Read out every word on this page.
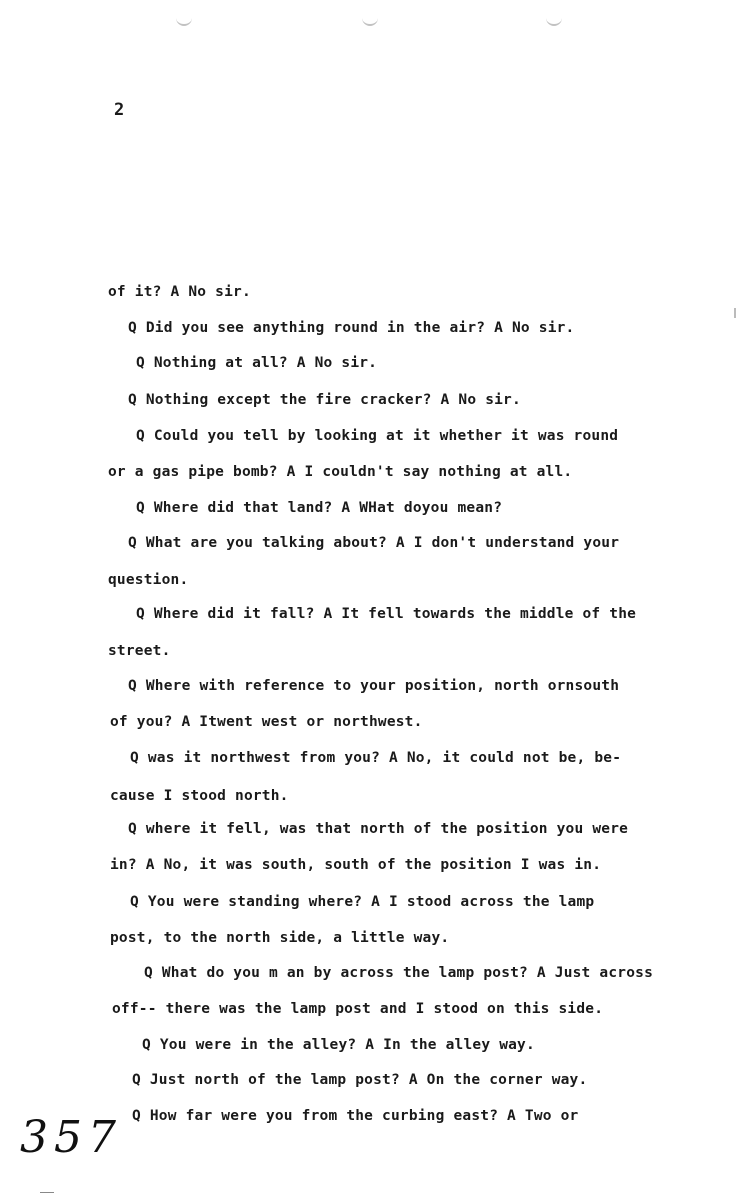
2
of it? A No sir.
Q Did you see anything round in the air? A No sir.
Q Nothing at all? A No sir.
Q Nothing except the fire cracker? A No sir.
Q Could you tell by looking at it whether it was round
or a gas pipe bomb? A I couldn't say nothing at all.
Q Where did that land? A WHat doyou mean?
Q What are you talking about? A I don't understand your
question.
Q Where did it fall? A It fell towards the middle of the
street.
Q Where with reference to your position, north ornsouth
of you? A Itwent west or northwest.
Q was it northwest from you? A No, it could not be, be-
cause I stood north.
Q where it fell, was that north of the position you were
in? A No, it was south, south of the position I was in.
Q You were standing where? A I stood across the lamp
post, to the north side, a little way.
Q What do you m an by across the lamp post? A Just across
off-- there was the lamp post and I stood on this side.
Q You were in the alley? A In the alley way.
Q Just north of the lamp post? A On the corner way.
Q How far were you from the curbing east? A Two or
357
